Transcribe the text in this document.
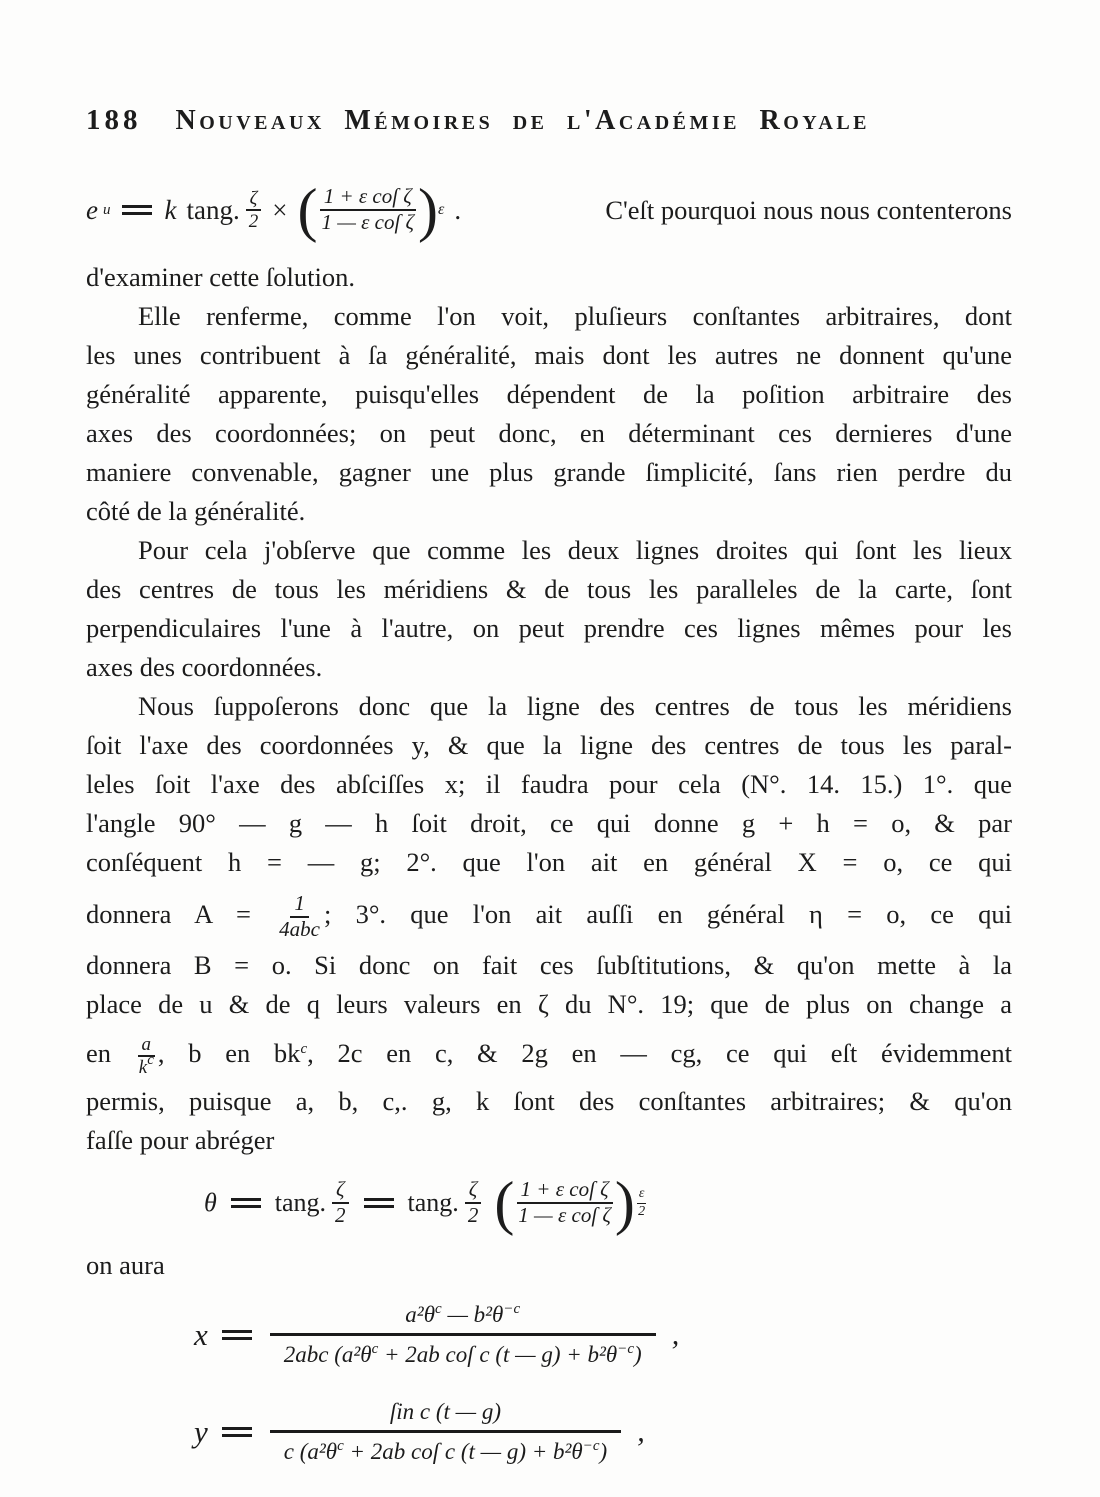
188 Nouveaux Mémoires de l'Académie Royale
e u k tang. $\frac{\zeta}{2}$ × ( $\frac{\text{1 + ε coſ ζ}}{\text{1 — ε coſ ζ}}$ ) ε .	C'eſt pourquoi nous nous contenterons
d'examiner cette ſolution.
Elle renferme, comme l'on voit, pluſieurs conſtantes arbitraires, dont
les unes contribuent à ſa généralité, mais dont les autres ne donnent qu'une
généralité apparente, puisqu'elles dépendent de la poſition arbitraire des
axes des coordonnées; on peut donc, en déterminant ces dernieres d'une
maniere convenable, gagner une plus grande ſimplicité, ſans rien perdre du
côté de la généralité.
Pour cela j'obſerve que comme les deux lignes droites qui ſont les lieux
des centres de tous les méridiens & de tous les paralleles de la carte, ſont
perpendiculaires l'une à l'autre, on peut prendre ces lignes mêmes pour les
axes des coordonnées.
Nous ſuppoſerons donc que la ligne des centres de tous les méridiens
ſoit l'axe des coordonnées y, & que la ligne des centres de tous les paral-
leles ſoit l'axe des abſciſſes x; il faudra pour cela (N°. 14. 15.) 1°. que
l'angle 90° — g — h ſoit droit, ce qui donne g + h = o, & par
conſéquent h = — g; 2°. que l'on ait en général X = o, ce qui
donnera $A = \frac{1}{\text{4abc}}$ ; 3°. que l'on ait auſſi en général η = o, ce qui
donnera B = o. Si donc on fait ces ſubſtitutions, & qu'on mette à la
place de u & de q leurs valeurs en ζ du N°. 19; que de plus on change a
en $\frac{a}{k^c}$ , b en $bk^c$, 2c en c, & 2g en — cg, ce qui eſt évidemment
permis, puisque a, b, c,. g, k ſont des conſtantes arbitraires; & qu'on
faſſe pour abréger
θ tang. $\frac{\zeta}{2} \tan g$. $\frac{\zeta}{2}$ ( $\frac{\text{1 + ε coſ ζ}}{\text{1 — ε coſ ζ}}$ ) $\frac{\varepsilon}{2}$
on aura
x
$a^2\theta^c$ — $b^2\theta^{-c}$
2abc ($a^2\theta^c + 2ab$ coſ c (t — $g) + b^2\theta^{-c}$)
,
y
ſin c (t — g)
c ($a^2\theta^c + 2ab$ coſ c (t — $g) + b^2\theta^{-c}$)
,
